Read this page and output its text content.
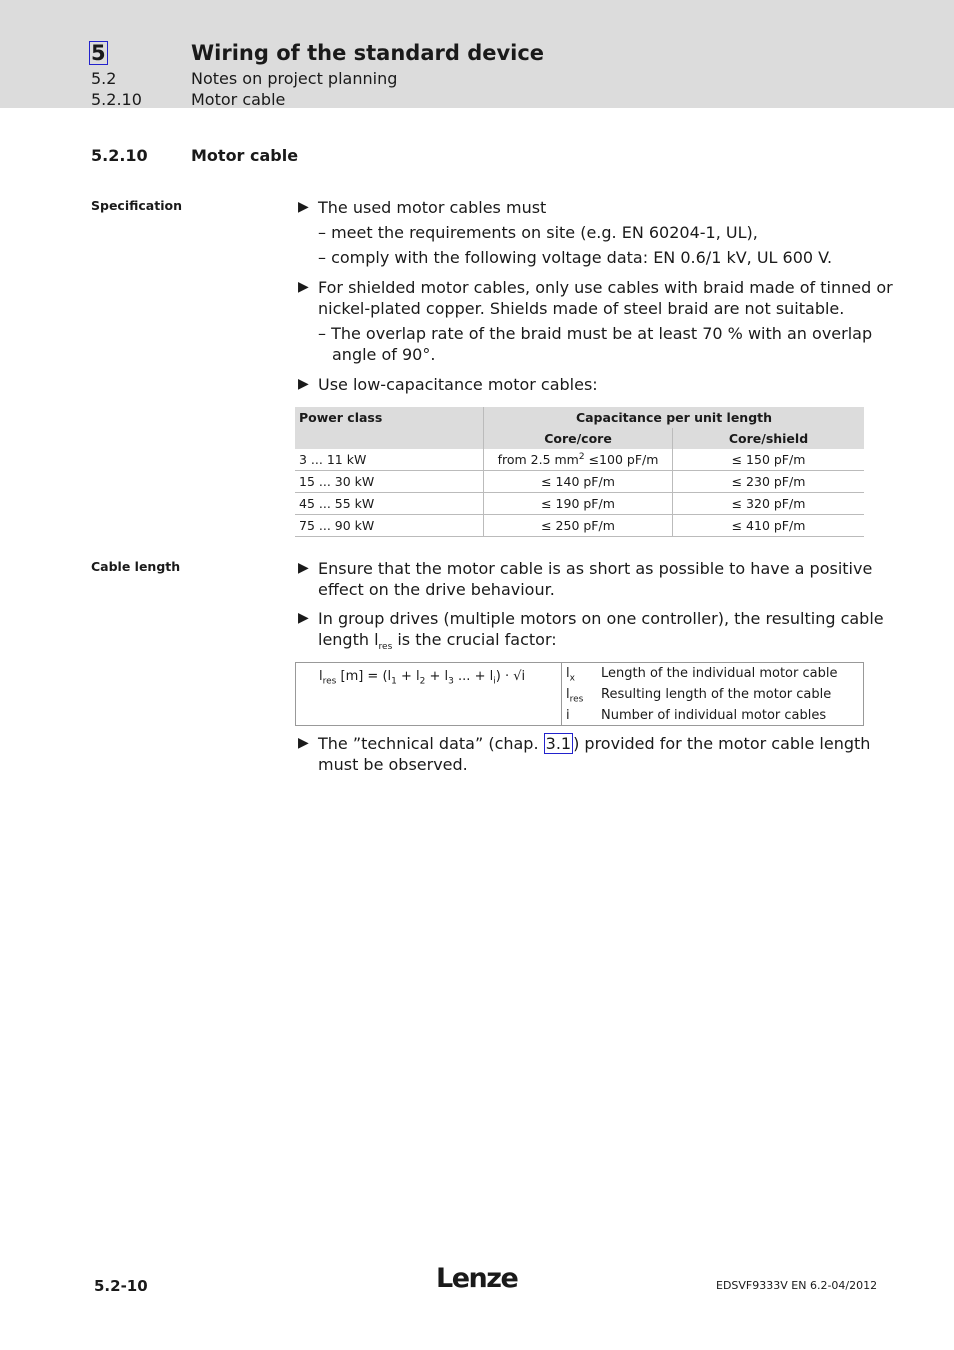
5	Wiring of the standard device
5.2	Notes on project planning
5.2.10	Motor cable
5.2.10	Motor cable
Specification	▶ The used motor cables must
– meet the requirements on site (e.g. EN 60204-1, UL),
– comply with the following voltage data: EN 0.6/1 kV, UL 600 V.
▶ For shielded motor cables, only use cables with braid made of tinned or
nickel-plated copper. Shields made of steel braid are not suitable.
– The overlap rate of the braid must be at least 70 % with an overlap
angle of 90°.
▶ Use low-capacitance motor cables:
Power class	Capacitance per unit length	
	Core/core	Core/shield
3 ... 11 kW	from 2.5 $mm^2 \le 100$ pF/m	≤ 150 pF/m
15 ... 30 kW	≤ 140 pF/m	≤ 230 pF/m
45 ... 55 kW	≤ 190 pF/m	≤ 320 pF/m
75 ... 90 kW	≤ 250 pF/m	≤ 410 pF/m
Cable length	▶ Ensure that the motor cable is as short as possible to have a positive
effect on the drive behaviour.
▶ In group drives (multiple motors on one controller), the resulting cable
length $l_{res}$ is the crucial factor:
$l_{res}$ $[m] = (l_1 + l_2 + l_3$ ... + $l_i) \cdot √i$	$l_x$ Length of the individual motor cable
$l_{res}$ Resulting length of the motor cable
i Number of individual motor cables
▶ The ”technical data” (chap. 3.1 ) provided for the motor cable length
must be observed.
5.2-10	Lenze	EDSVF9333V EN 6.2-04/2012
